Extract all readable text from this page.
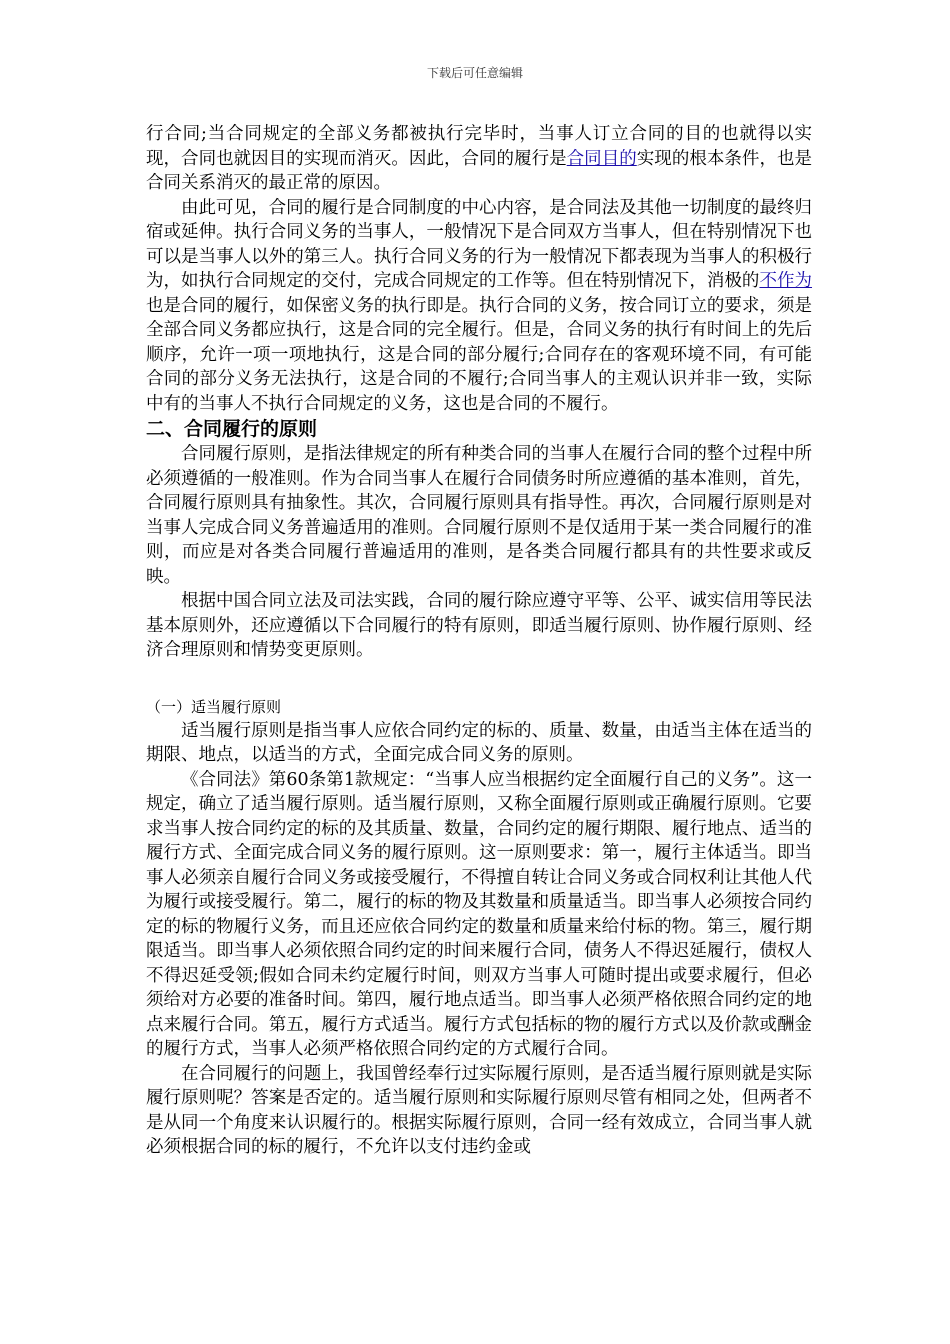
下载后可任意编辑

行合同;当合同规定的全部义务都被执行完毕时，当事人订立合同的目的也就得以实现，合同也就因目的实现而消灭。因此，合同的履行是合同目的实现的根本条件，也是合同关系消灭的最正常的原因。

由此可见，合同的履行是合同制度的中心内容，是合同法及其他一切制度的最终归宿或延伸。执行合同义务的当事人，一般情况下是合同双方当事人，但在特别情况下也可以是当事人以外的第三人。执行合同义务的行为一般情况下都表现为当事人的积极行为，如执行合同规定的交付，完成合同规定的工作等。但在特别情况下，消极的不作为也是合同的履行，如保密义务的执行即是。执行合同的义务，按合同订立的要求，须是全部合同义务都应执行，这是合同的完全履行。但是，合同义务的执行有时间上的先后顺序，允许一项一项地执行，这是合同的部分履行;合同存在的客观环境不同，有可能合同的部分义务无法执行，这是合同的不履行;合同当事人的主观认识并非一致，实际中有的当事人不执行合同规定的义务，这也是合同的不履行。

二、合同履行的原则

合同履行原则，是指法律规定的所有种类合同的当事人在履行合同的整个过程中所必须遵循的一般准则。作为合同当事人在履行合同债务时所应遵循的基本准则，首先，合同履行原则具有抽象性。其次，合同履行原则具有指导性。再次，合同履行原则是对当事人完成合同义务普遍适用的准则。合同履行原则不是仅适用于某一类合同履行的准则，而应是对各类合同履行普遍适用的准则，是各类合同履行都具有的共性要求或反映。

根据中国合同立法及司法实践，合同的履行除应遵守平等、公平、诚实信用等民法基本原则外，还应遵循以下合同履行的特有原则，即适当履行原则、协作履行原则、经济合理原则和情势变更原则。

（一）适当履行原则

适当履行原则是指当事人应依合同约定的标的、质量、数量，由适当主体在适当的期限、地点，以适当的方式，全面完成合同义务的原则。

《合同法》第60条第1款规定：“当事人应当根据约定全面履行自己的义务”。这一规定，确立了适当履行原则。适当履行原则，又称全面履行原则或正确履行原则。它要求当事人按合同约定的标的及其质量、数量，合同约定的履行期限、履行地点、适当的履行方式、全面完成合同义务的履行原则。这一原则要求：第一，履行主体适当。即当事人必须亲自履行合同义务或接受履行，不得擅自转让合同义务或合同权利让其他人代为履行或接受履行。第二，履行的标的物及其数量和质量适当。即当事人必须按合同约定的标的物履行义务，而且还应依合同约定的数量和质量来给付标的物。第三，履行期限适当。即当事人必须依照合同约定的时间来履行合同，债务人不得迟延履行，债权人不得迟延受领;假如合同未约定履行时间，则双方当事人可随时提出或要求履行，但必须给对方必要的准备时间。第四，履行地点适当。即当事人必须严格依照合同约定的地点来履行合同。第五，履行方式适当。履行方式包括标的物的履行方式以及价款或酬金的履行方式，当事人必须严格依照合同约定的方式履行合同。

在合同履行的问题上，我国曾经奉行过实际履行原则，是否适当履行原则就是实际履行原则呢？答案是否定的。适当履行原则和实际履行原则尽管有相同之处，但两者不是从同一个角度来认识履行的。根据实际履行原则，合同一经有效成立，合同当事人就必须根据合同的标的履行，不允许以支付违约金或
